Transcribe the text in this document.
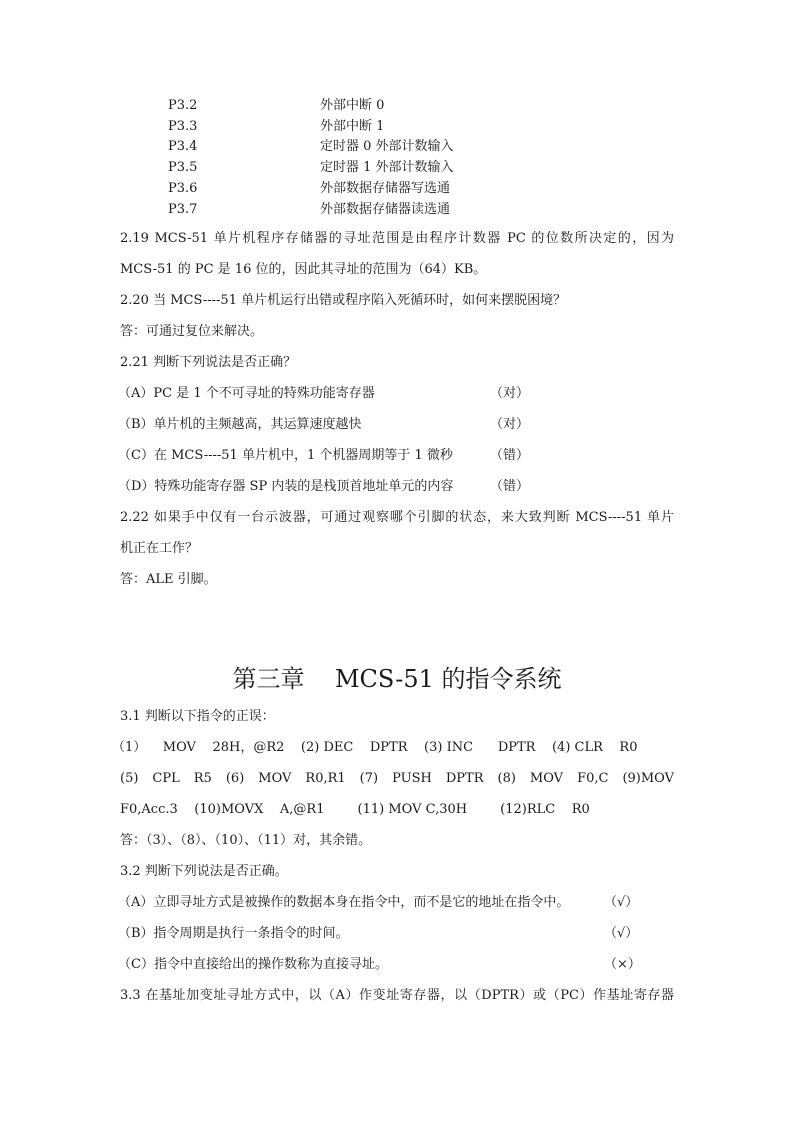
P3.2	外部中断 0
P3.3	外部中断 1
P3.4	定时器 0 外部计数输入
P3.5	定时器 1 外部计数输入
P3.6	外部数据存储器写选通
P3.7	外部数据存储器读选通
2.19 MCS-51 单片机程序存储器的寻址范围是由程序计数器 PC 的位数所决定的，因为
MCS-51 的 PC 是 16 位的，因此其寻址的范围为（64）KB。
2.20 当 MCS----51 单片机运行出错或程序陷入死循环时，如何来摆脱困境？
答：可通过复位来解决。
2.21 判断下列说法是否正确？
（A）PC 是 1 个不可寻址的特殊功能寄存器	（对）
（B）单片机的主频越高，其运算速度越快	（对）
（C）在 MCS----51 单片机中，1 个机器周期等于 1 微秒	（错）
（D）特殊功能寄存器 SP 内装的是栈顶首地址单元的内容	（错）
2.22 如果手中仅有一台示波器，可通过观察哪个引脚的状态，来大致判断 MCS----51 单片
机正在工作？
答：ALE 引脚。
第三章    MCS-51 的指令系统
3.1 判断以下指令的正误：
（1）    MOV    28H，@R2    (2) DEC    DPTR    (3) INC      DPTR    (4) CLR    R0
(5) CPL R5 (6) MOV R0,R1 (7) PUSH DPTR (8) MOV F0,C (9)MOV
F0,Acc.3    (10)MOVX    A,@R1        (11) MOV C,30H        (12)RLC    R0
答：（3）、（8）、（10）、（11）对，其余错。
3.2 判断下列说法是否正确。
（A）立即寻址方式是被操作的数据本身在指令中，而不是它的地址在指令中。	（√）
（B）指令周期是执行一条指令的时间。	（√）
（C）指令中直接给出的操作数称为直接寻址。	（×）
3.3 在基址加变址寻址方式中，以（A）作变址寄存器，以（DPTR）或（PC）作基址寄存器
